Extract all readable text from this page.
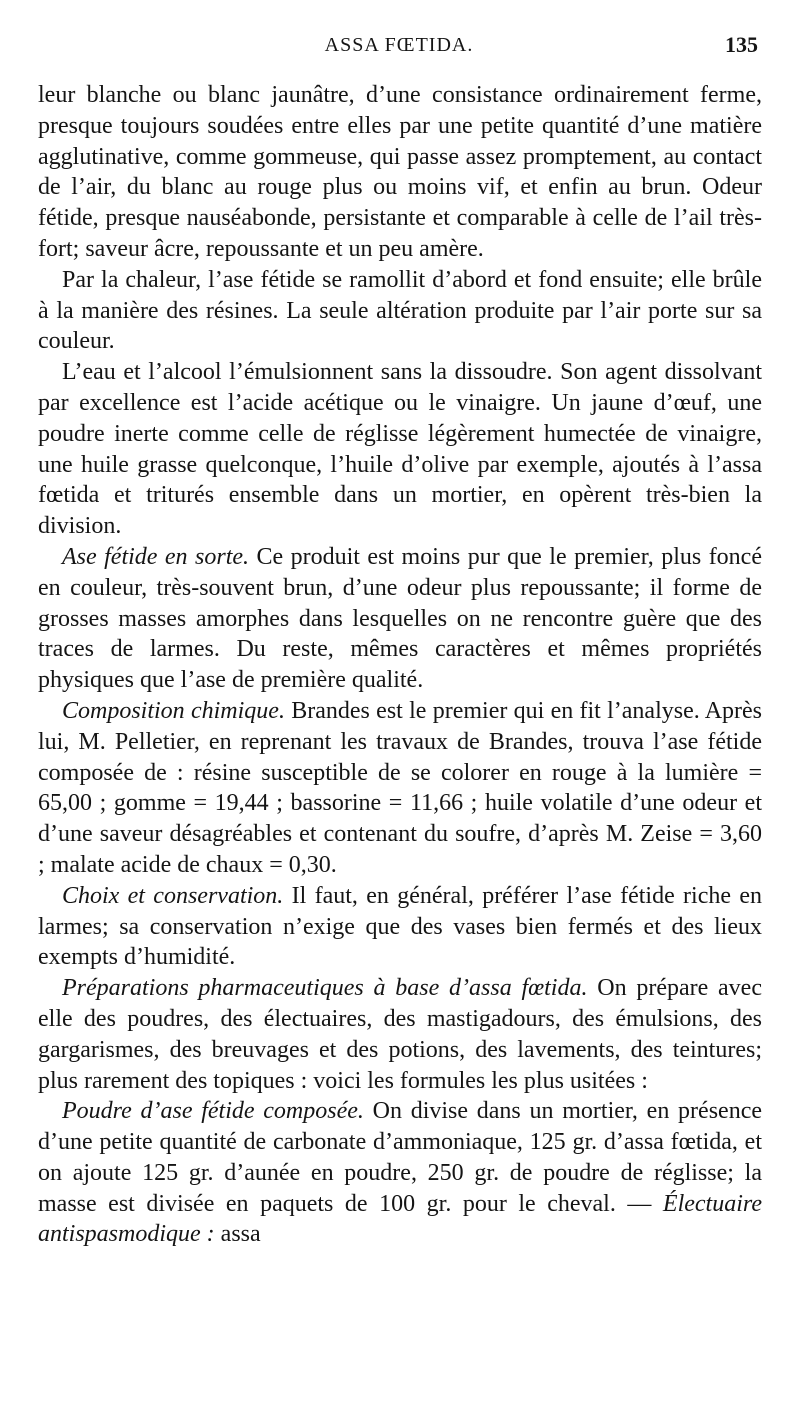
ASSA FŒTIDA.	135

leur blanche ou blanc jaunâtre, d’une consistance ordinairement ferme, presque toujours soudées entre elles par une petite quantité d’une matière agglutinative, comme gommeuse, qui passe assez promptement, au contact de l’air, du blanc au rouge plus ou moins vif, et enfin au brun. Odeur fétide, presque nauséabonde, persistante et comparable à celle de l’ail très-fort; saveur âcre, repoussante et un peu amère.

Par la chaleur, l’ase fétide se ramollit d’abord et fond ensuite; elle brûle à la manière des résines. La seule altération produite par l’air porte sur sa couleur.

L’eau et l’alcool l’émulsionnent sans la dissoudre. Son agent dissolvant par excellence est l’acide acétique ou le vinaigre. Un jaune d’œuf, une poudre inerte comme celle de réglisse légèrement humectée de vinaigre, une huile grasse quelconque, l’huile d’olive par exemple, ajoutés à l’assa fœtida et triturés ensemble dans un mortier, en opèrent très-bien la division.

Ase fétide en sorte. Ce produit est moins pur que le premier, plus foncé en couleur, très-souvent brun, d’une odeur plus repoussante; il forme de grosses masses amorphes dans lesquelles on ne rencontre guère que des traces de larmes. Du reste, mêmes caractères et mêmes propriétés physiques que l’ase de première qualité.

Composition chimique. Brandes est le premier qui en fit l’analyse. Après lui, M. Pelletier, en reprenant les travaux de Brandes, trouva l’ase fétide composée de : résine susceptible de se colorer en rouge à la lumière = 65,00 ; gomme = 19,44 ; bassorine = 11,66 ; huile volatile d’une odeur et d’une saveur désagréables et contenant du soufre, d’après M. Zeise = 3,60 ; malate acide de chaux = 0,30.

Choix et conservation. Il faut, en général, préférer l’ase fétide riche en larmes; sa conservation n’exige que des vases bien fermés et des lieux exempts d’humidité.

Préparations pharmaceutiques à base d’assa fœtida. On prépare avec elle des poudres, des électuaires, des mastigadours, des émulsions, des gargarismes, des breuvages et des potions, des lavements, des teintures; plus rarement des topiques : voici les formules les plus usitées :

Poudre d’ase fétide composée. On divise dans un mortier, en présence d’une petite quantité de carbonate d’ammoniaque, 125 gr. d’assa fœtida, et on ajoute 125 gr. d’aunée en poudre, 250 gr. de poudre de réglisse; la masse est divisée en paquets de 100 gr. pour le cheval. — Électuaire antispasmodique : assa
